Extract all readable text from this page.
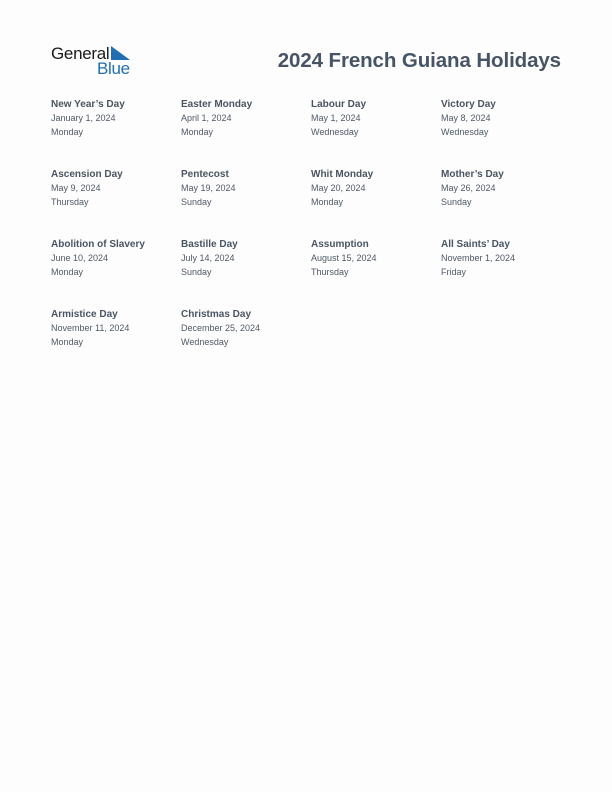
General
Blue	2024 French Guiana Holidays
New Year’s Day
January 1, 2024
Monday
Easter Monday
April 1, 2024
Monday
Labour Day
May 1, 2024
Wednesday
Victory Day
May 8, 2024
Wednesday
Ascension Day
May 9, 2024
Thursday
Pentecost
May 19, 2024
Sunday
Whit Monday
May 20, 2024
Monday
Mother’s Day
May 26, 2024
Sunday
Abolition of Slavery
June 10, 2024
Monday
Bastille Day
July 14, 2024
Sunday
Assumption
August 15, 2024
Thursday
All Saints’ Day
November 1, 2024
Friday
Armistice Day
November 11, 2024
Monday
Christmas Day
December 25, 2024
Wednesday
